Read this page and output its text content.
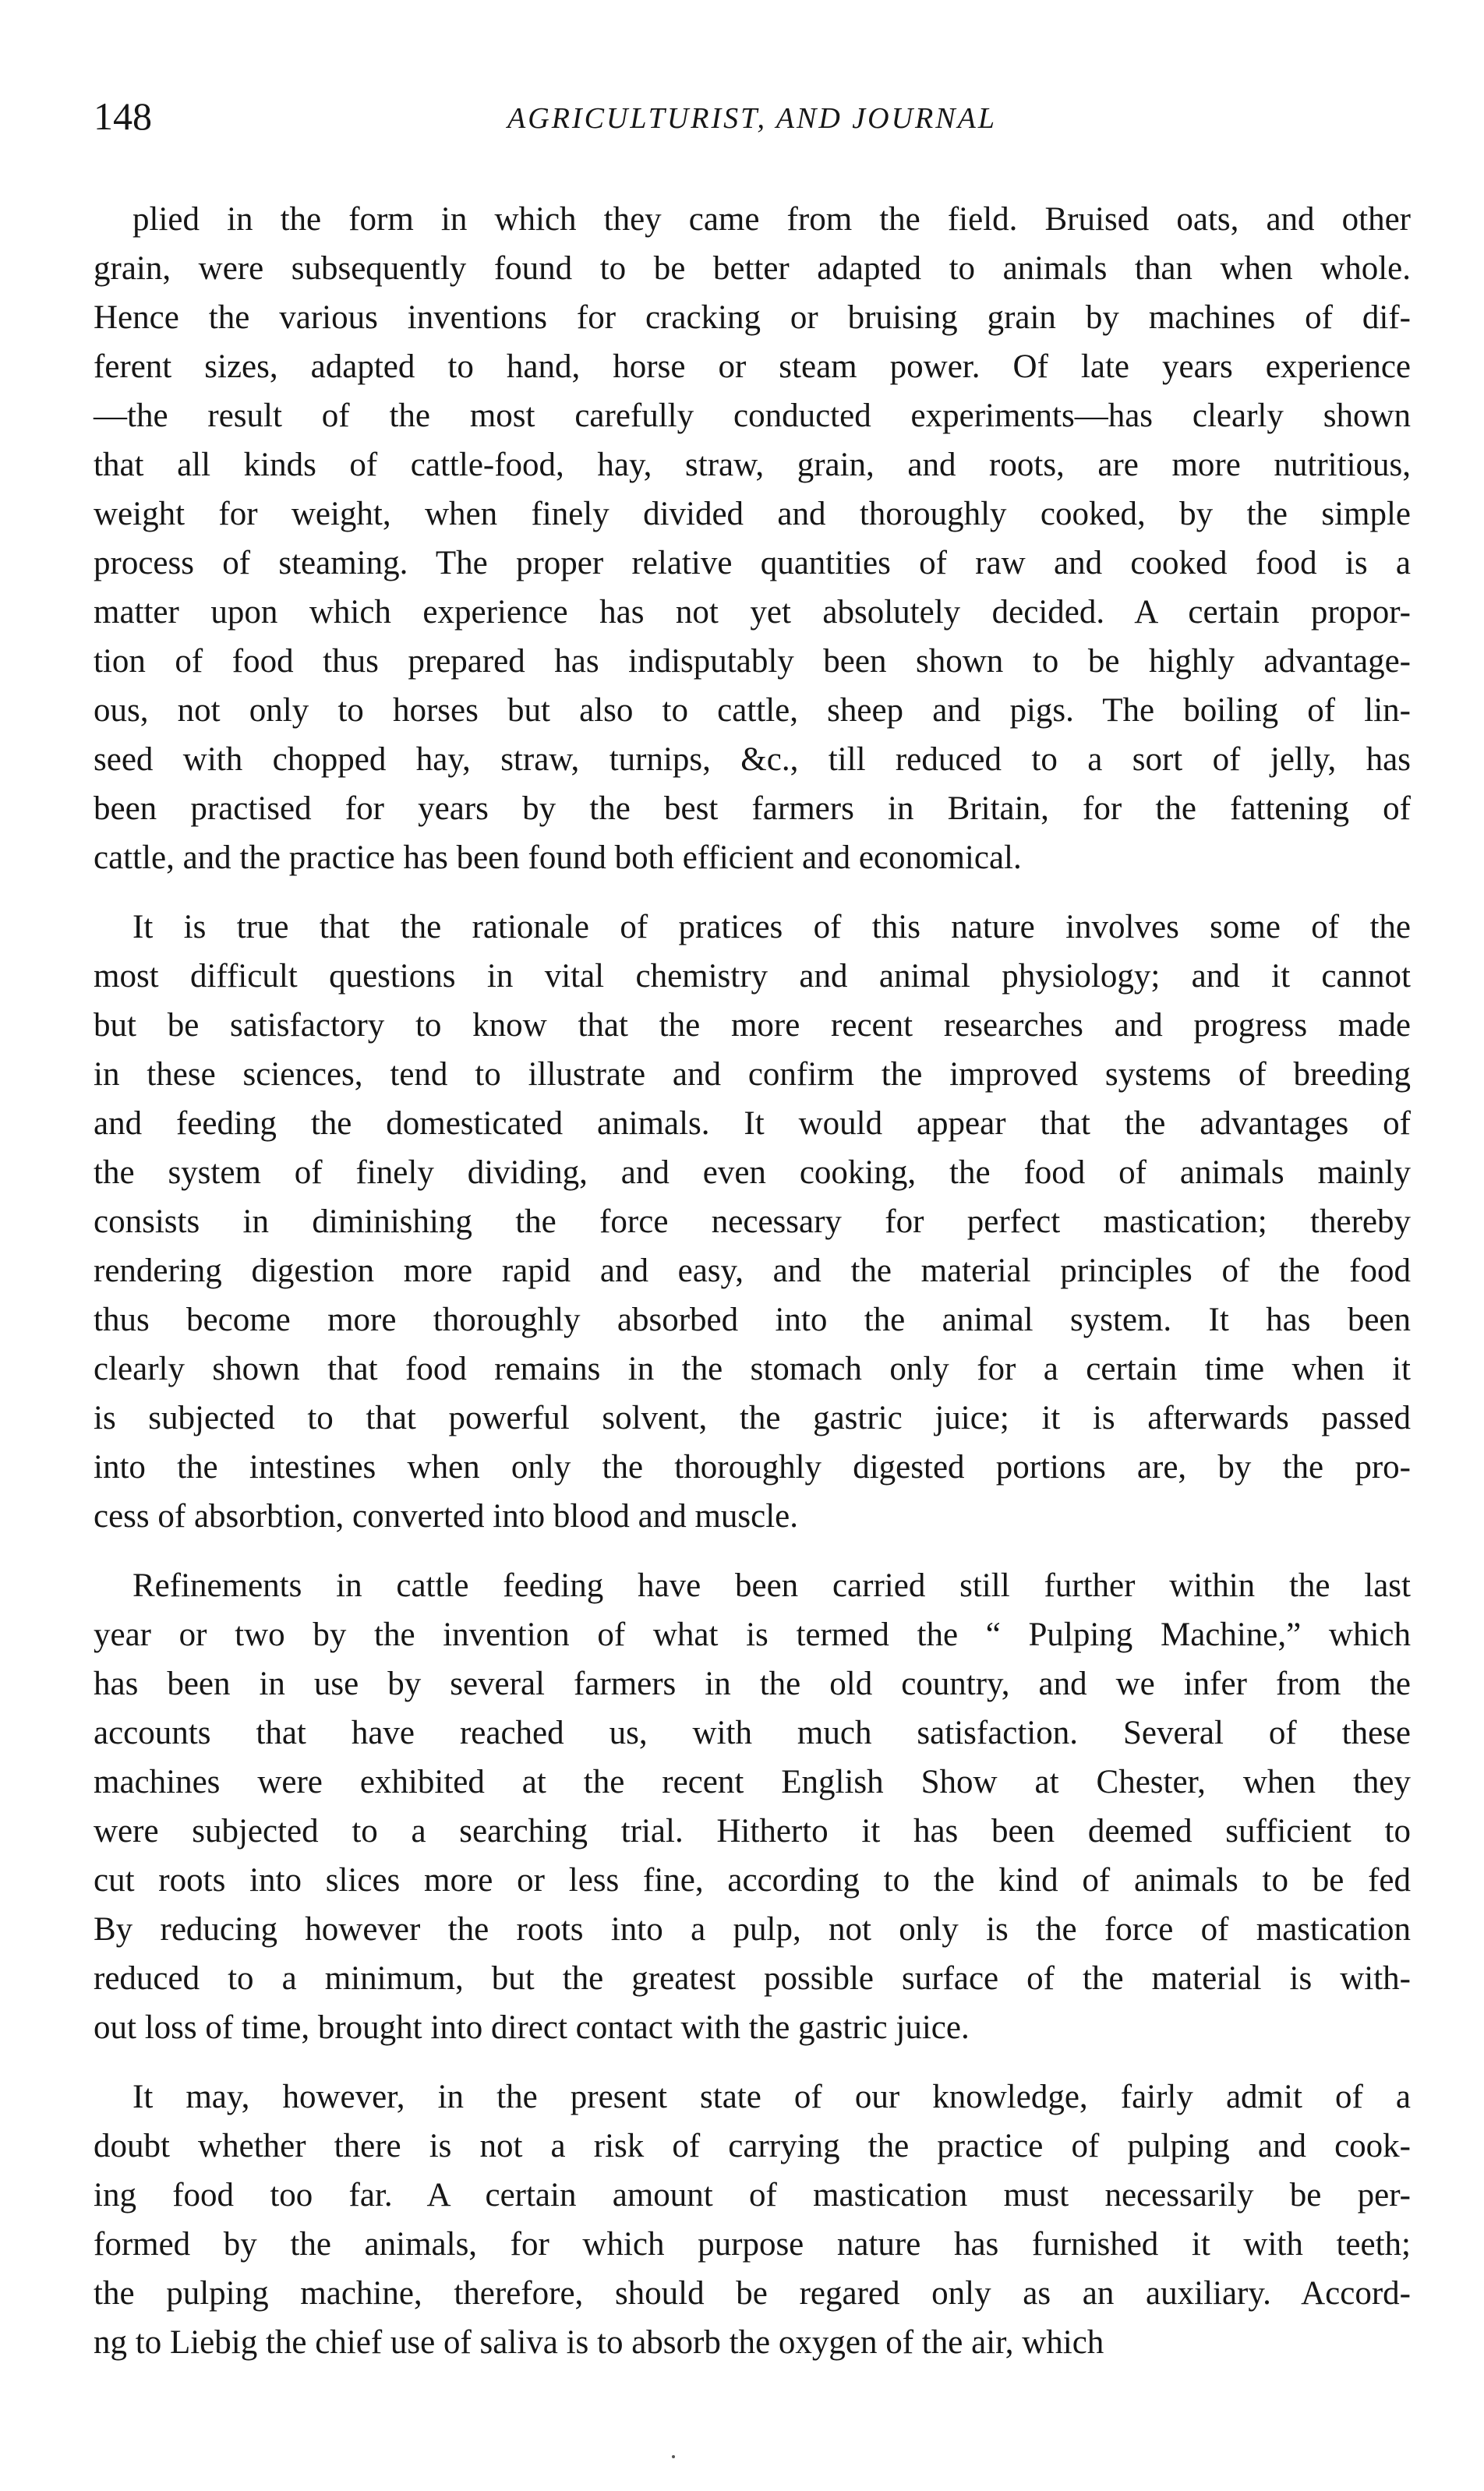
148	AGRICULTURIST, AND JOURNAL
plied in the form in which they came from the field. Bruised oats, and other
grain, were subsequently found to be better adapted to animals than when whole.
Hence the various inventions for cracking or bruising grain by machines of dif-
ferent sizes, adapted to hand, horse or steam power. Of late years experience
—the result of the most carefully conducted experiments—has clearly shown
that all kinds of cattle-food, hay, straw, grain, and roots, are more nutritious,
weight for weight, when finely divided and thoroughly cooked, by the simple
process of steaming. The proper relative quantities of raw and cooked food is a
matter upon which experience has not yet absolutely decided. A certain propor-
tion of food thus prepared has indisputably been shown to be highly advantage-
ous, not only to horses but also to cattle, sheep and pigs. The boiling of lin-
seed with chopped hay, straw, turnips, &c., till reduced to a sort of jelly, has
been practised for years by the best farmers in Britain, for the fattening of
cattle, and the practice has been found both efficient and economical.
It is true that the rationale of pratices of this nature involves some of the
most difficult questions in vital chemistry and animal physiology; and it cannot
but be satisfactory to know that the more recent researches and progress made
in these sciences, tend to illustrate and confirm the improved systems of breeding
and feeding the domesticated animals. It would appear that the advantages of
the system of finely dividing, and even cooking, the food of animals mainly
consists in diminishing the force necessary for perfect mastication; thereby
rendering digestion more rapid and easy, and the material principles of the food
thus become more thoroughly absorbed into the animal system. It has been
clearly shown that food remains in the stomach only for a certain time when it
is subjected to that powerful solvent, the gastric juice; it is afterwards passed
into the intestines when only the thoroughly digested portions are, by the pro-
cess of absorbtion, converted into blood and muscle.
Refinements in cattle feeding have been carried still further within the last
year or two by the invention of what is termed the “ Pulping Machine,” which
has been in use by several farmers in the old country, and we infer from the
accounts that have reached us, with much satisfaction. Several of these
machines were exhibited at the recent English Show at Chester, when they
were subjected to a searching trial. Hitherto it has been deemed sufficient to
cut roots into slices more or less fine, according to the kind of animals to be fed
By reducing however the roots into a pulp, not only is the force of mastication
reduced to a minimum, but the greatest possible surface of the material is with-
out loss of time, brought into direct contact with the gastric juice.
It may, however, in the present state of our knowledge, fairly admit of a
doubt whether there is not a risk of carrying the practice of pulping and cook-
ing food too far. A certain amount of mastication must necessarily be per-
formed by the animals, for which purpose nature has furnished it with teeth;
the pulping machine, therefore, should be regared only as an auxiliary. Accord-
ng to Liebig the chief use of saliva is to absorb the oxygen of the air, which
